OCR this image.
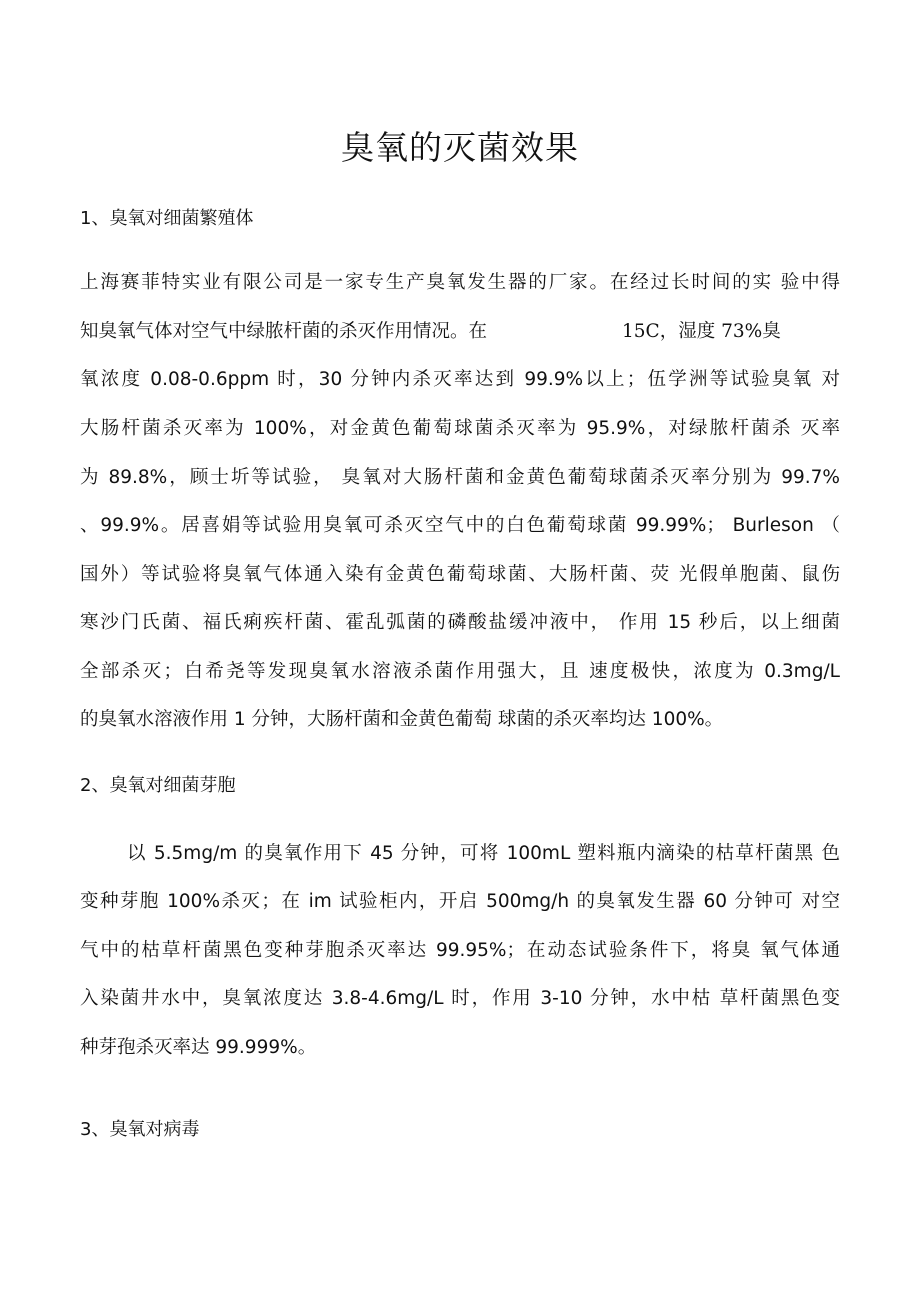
臭氧的灭菌效果
1、臭氧对细菌繁殖体

上海赛菲特实业有限公司是一家专生产臭氧发生器的厂家。在经过长时间的实 验中得

知臭氧气体对空气中绿脓杆菌的杀灭作用情况。在	15C，湿度 73%臭

氧浓度 0.08-0.6ppm 时，30 分钟内杀灭率达到 99.9%以上；伍学洲等试验臭氧 对

大肠杆菌杀灭率为 100%，对金黄色葡萄球菌杀灭率为 95.9%，对绿脓杆菌杀 灭率

为 89.8%，顾士圻等试验， 臭氧对大肠杆菌和金黄色葡萄球菌杀灭率分别为 99.7%

、99.9%。居喜娟等试验用臭氧可杀灭空气中的白色葡萄球菌 99.99%； Burleson （

国外）等试验将臭氧气体通入染有金黄色葡萄球菌、大肠杆菌、荧 光假单胞菌、鼠伤

寒沙门氏菌、福氏痢疾杆菌、霍乱弧菌的磷酸盐缓冲液中， 作用 15 秒后，以上细菌

全部杀灭；白希尧等发现臭氧水溶液杀菌作用强大，且 速度极快，浓度为 0.3mg/L

的臭氧水溶液作用 1 分钟，大肠杆菌和金黄色葡萄 球菌的杀灭率均达 100%。

2、臭氧对细菌芽胞

以 5.5mg/m 的臭氧作用下 45 分钟，可将 100mL 塑料瓶内滴染的枯草杆菌黑 色

变种芽胞 100%杀灭；在 im 试验柜内，开启 500mg/h 的臭氧发生器 60 分钟可 对空

气中的枯草杆菌黑色变种芽胞杀灭率达 99.95%；在动态试验条件下，将臭 氧气体通

入染菌井水中，臭氧浓度达 3.8-4.6mg/L 时，作用 3-10 分钟，水中枯 草杆菌黑色变

种芽孢杀灭率达 99.999%。

3、臭氧对病毒
